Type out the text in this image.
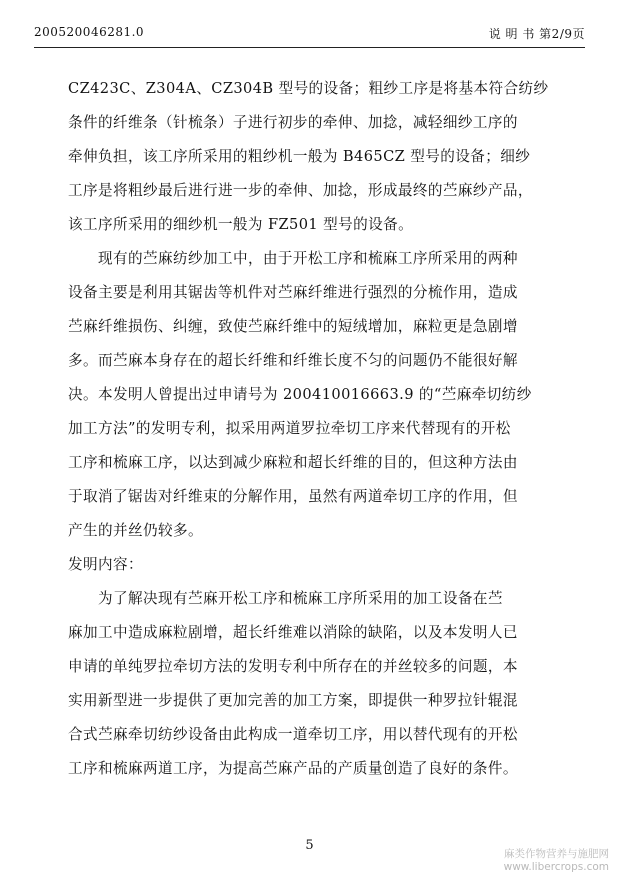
200520046281.0	说 明 书 第2/9页

CZ423C、Z304A、CZ304B 型号的设备；粗纱工序是将基本符合纺纱
条件的纤维条（针梳条）子进行初步的牵伸、加捻，减轻细纱工序的
牵伸负担，该工序所采用的粗纱机一般为 B465CZ 型号的设备；细纱
工序是将粗纱最后进行进一步的牵伸、加捻，形成最终的苎麻纱产品，
该工序所采用的细纱机一般为 FZ501 型号的设备。

现有的苎麻纺纱加工中，由于开松工序和梳麻工序所采用的两种
设备主要是利用其锯齿等机件对苎麻纤维进行强烈的分梳作用，造成
苎麻纤维损伤、纠缠，致使苎麻纤维中的短绒增加，麻粒更是急剧增
多。而苎麻本身存在的超长纤维和纤维长度不匀的问题仍不能很好解
决。本发明人曾提出过申请号为 200410016663.9 的“苎麻牵切纺纱
加工方法”的发明专利，拟采用两道罗拉牵切工序来代替现有的开松
工序和梳麻工序，以达到减少麻粒和超长纤维的目的，但这种方法由
于取消了锯齿对纤维束的分解作用，虽然有两道牵切工序的作用，但
产生的并丝仍较多。

发明内容：

为了解决现有苎麻开松工序和梳麻工序所采用的加工设备在苎
麻加工中造成麻粒剧增，超长纤维难以消除的缺陷，以及本发明人已
申请的单纯罗拉牵切方法的发明专利中所存在的并丝较多的问题，本
实用新型进一步提供了更加完善的加工方案，即提供一种罗拉针辊混
合式苎麻牵切纺纱设备由此构成一道牵切工序，用以替代现有的开松
工序和梳麻两道工序，为提高苎麻产品的产质量创造了良好的条件。

5
麻类作物营养与施肥网
www.libercrops.com
